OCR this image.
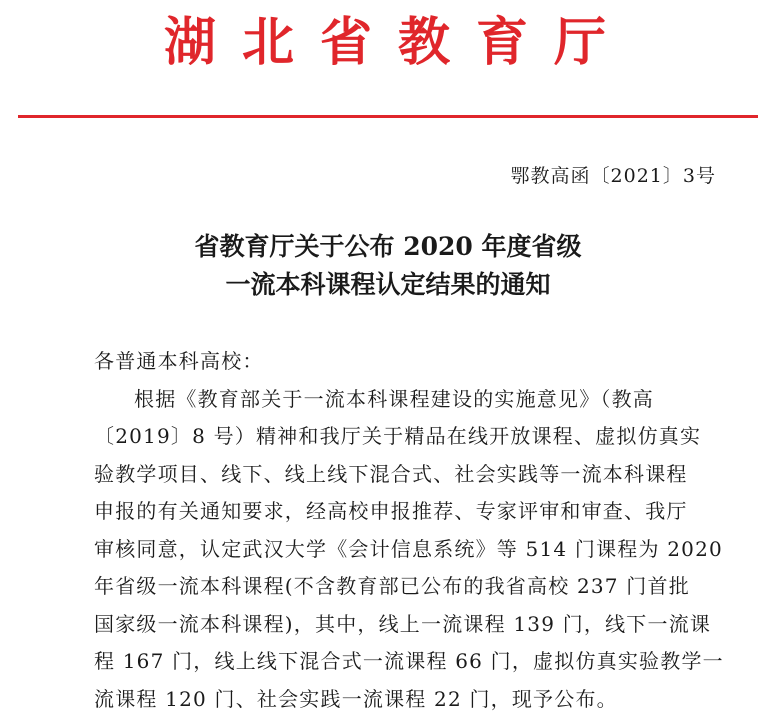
湖北省教育厅
鄂教高函〔2021〕3号
省教育厅关于公布 2020 年度省级
一流本科课程认定结果的通知

各普通本科高校：

根据《教育部关于一流本科课程建设的实施意见》（教高
〔2019〕8 号）精神和我厅关于精品在线开放课程、虚拟仿真实
验教学项目、线下、线上线下混合式、社会实践等一流本科课程
申报的有关通知要求，经高校申报推荐、专家评审和审查、我厅
审核同意，认定武汉大学《会计信息系统》等 514 门课程为 2020
年省级一流本科课程(不含教育部已公布的我省高校 237 门首批
国家级一流本科课程)，其中，线上一流课程 139 门，线下一流课
程 167 门，线上线下混合式一流课程 66 门，虚拟仿真实验教学一
流课程 120 门、社会实践一流课程 22 门，现予公布。
